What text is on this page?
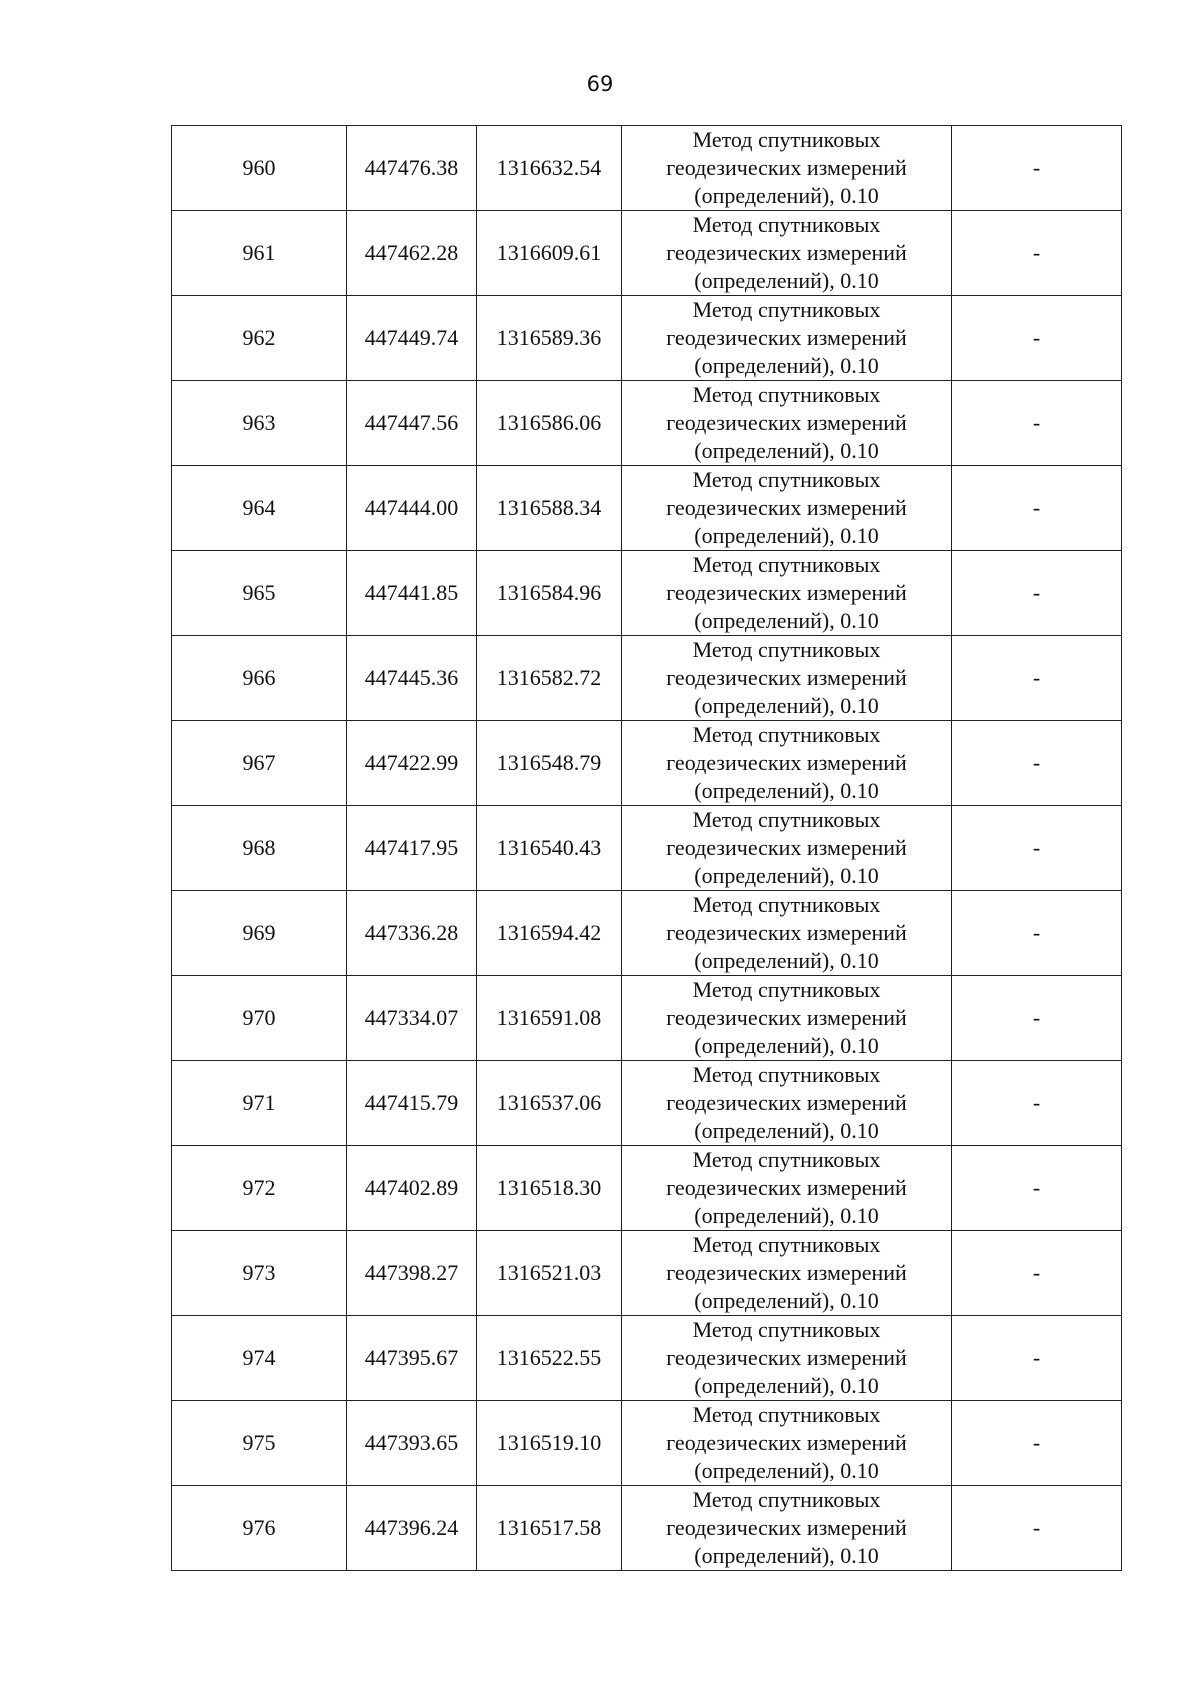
69
960	447476.38	1316632.54	Метод спутниковых
геодезических измерений
(определений), 0.10	-
961	447462.28	1316609.61	Метод спутниковых
геодезических измерений
(определений), 0.10	-
962	447449.74	1316589.36	Метод спутниковых
геодезических измерений
(определений), 0.10	-
963	447447.56	1316586.06	Метод спутниковых
геодезических измерений
(определений), 0.10	-
964	447444.00	1316588.34	Метод спутниковых
геодезических измерений
(определений), 0.10	-
965	447441.85	1316584.96	Метод спутниковых
геодезических измерений
(определений), 0.10	-
966	447445.36	1316582.72	Метод спутниковых
геодезических измерений
(определений), 0.10	-
967	447422.99	1316548.79	Метод спутниковых
геодезических измерений
(определений), 0.10	-
968	447417.95	1316540.43	Метод спутниковых
геодезических измерений
(определений), 0.10	-
969	447336.28	1316594.42	Метод спутниковых
геодезических измерений
(определений), 0.10	-
970	447334.07	1316591.08	Метод спутниковых
геодезических измерений
(определений), 0.10	-
971	447415.79	1316537.06	Метод спутниковых
геодезических измерений
(определений), 0.10	-
972	447402.89	1316518.30	Метод спутниковых
геодезических измерений
(определений), 0.10	-
973	447398.27	1316521.03	Метод спутниковых
геодезических измерений
(определений), 0.10	-
974	447395.67	1316522.55	Метод спутниковых
геодезических измерений
(определений), 0.10	-
975	447393.65	1316519.10	Метод спутниковых
геодезических измерений
(определений), 0.10	-
976	447396.24	1316517.58	Метод спутниковых
геодезических измерений
(определений), 0.10	-
